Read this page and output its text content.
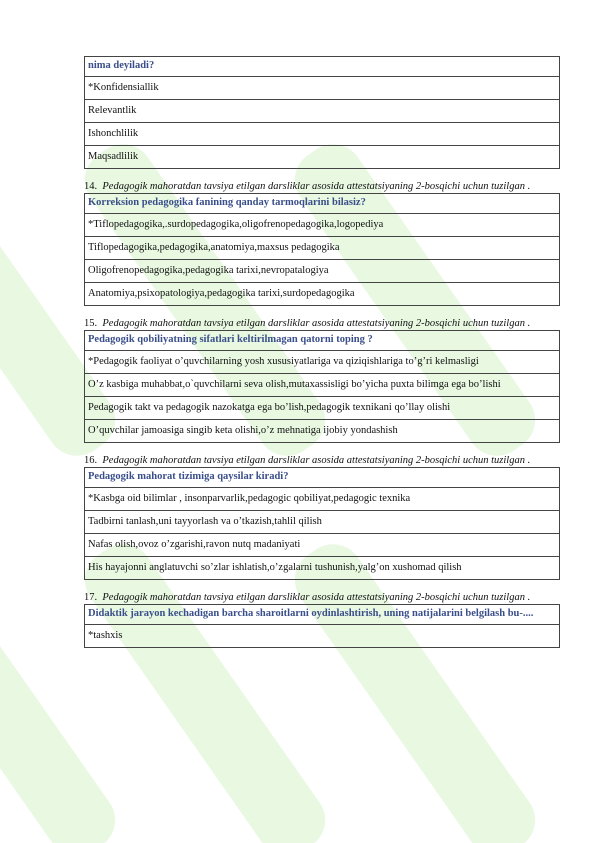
nima deyiladi?
*Konfidensiallik
Relevantlik
Ishonchlilik
Maqsadlilik

14. Pedagogik mahoratdan tavsiya etilgan darsliklar asosida attestatsiyaning 2-bosqichi uchun tuzilgan .

Korreksion pedagogika fanining qanday tarmoqlarini bilasiz?
*Tiflopedagogika,.surdopedagogika,oligofrenopedagogika,logopediya
Tiflopedagogika,pedagogika,anatomiya,maxsus pedagogika
Oligofrenopedagogika,pedagogika tarixi,nevropatalogiya
Anatomiya,psixopatologiya,pedagogika tarixi,surdopedagogika

15. Pedagogik mahoratdan tavsiya etilgan darsliklar asosida attestatsiyaning 2-bosqichi uchun tuzilgan .

Pedagogik qobiliyatning sifatlari keltirilmagan qatorni toping ?
*Pedagogik faoliyat o’quvchilarning yosh xususiyatlariga va qiziqishlariga to’g’ri kelmasligi
O’z kasbiga muhabbat,o`quvchilarni seva olish,mutaxassisligi bo’yicha puxta bilimga ega bo’lishi
Pedagogik takt va pedagogik nazokatga ega bo’lish,pedagogik texnikani qo’llay olishi
O’quvchilar jamoasiga singib keta olishi,o’z mehnatiga ijobiy yondashish

16. Pedagogik mahoratdan tavsiya etilgan darsliklar asosida attestatsiyaning 2-bosqichi uchun tuzilgan .

Pedagogik mahorat tizimiga qaysilar kiradi?
*Kasbga oid bilimlar , insonparvarlik,pedagogic qobiliyat,pedagogic texnika
Tadbirni tanlash,uni tayyorlash va o’tkazish,tahlil qilish
Nafas olish,ovoz o’zgarishi,ravon nutq madaniyati
His hayajonni anglatuvchi so’zlar ishlatish,o’zgalarni tushunish,yalg’on xushomad qilish

17. Pedagogik mahoratdan tavsiya etilgan darsliklar asosida attestatsiyaning 2-bosqichi uchun tuzilgan .

Didaktik jarayon kechadigan barcha sharoitlarni oydinlashtirish, uning natijalarini belgilash bu-....
*tashxis
